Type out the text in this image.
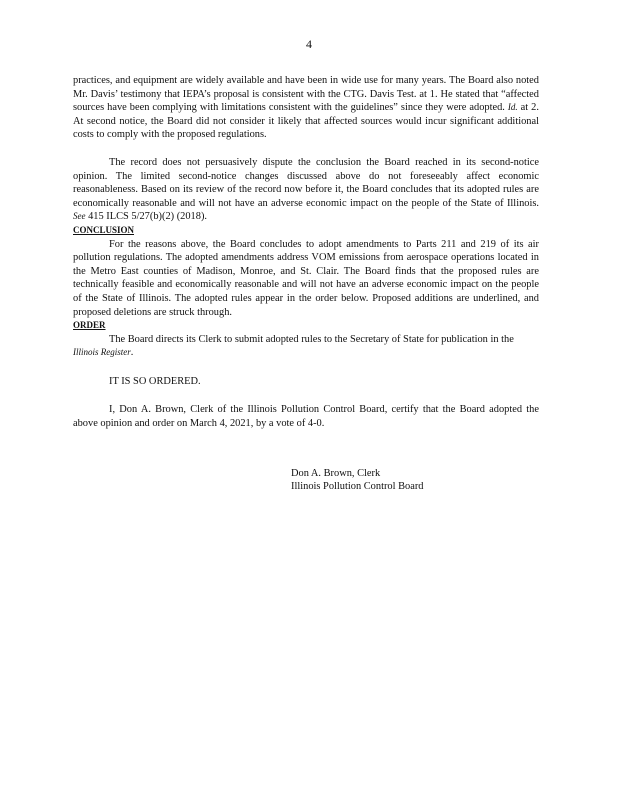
4

practices, and equipment are widely available and have been in wide use for many years. The Board also noted Mr. Davis’ testimony that IEPA’s proposal is consistent with the CTG. Davis Test. at 1. He stated that “affected sources have been complying with limitations consistent with the guidelines” since they were adopted. Id. at 2. At second notice, the Board did not consider it likely that affected sources would incur significant additional costs to comply with the proposed regulations.

The record does not persuasively dispute the conclusion the Board reached in its second-notice opinion. The limited second-notice changes discussed above do not foreseeably affect economic reasonableness. Based on its review of the record now before it, the Board concludes that its adopted rules are economically reasonable and will not have an adverse economic impact on the people of the State of Illinois. See 415 ILCS 5/27(b)(2) (2018).

CONCLUSION

For the reasons above, the Board concludes to adopt amendments to Parts 211 and 219 of its air pollution regulations. The adopted amendments address VOM emissions from aerospace operations located in the Metro East counties of Madison, Monroe, and St. Clair. The Board finds that the proposed rules are technically feasible and economically reasonable and will not have an adverse economic impact on the people of the State of Illinois. The adopted rules appear in the order below. Proposed additions are underlined, and proposed deletions are struck through.

ORDER

The Board directs its Clerk to submit adopted rules to the Secretary of State for publication in the Illinois Register.

IT IS SO ORDERED.

I, Don A. Brown, Clerk of the Illinois Pollution Control Board, certify that the Board adopted the above opinion and order on March 4, 2021, by a vote of 4-0.

Don A. Brown, Clerk
Illinois Pollution Control Board
